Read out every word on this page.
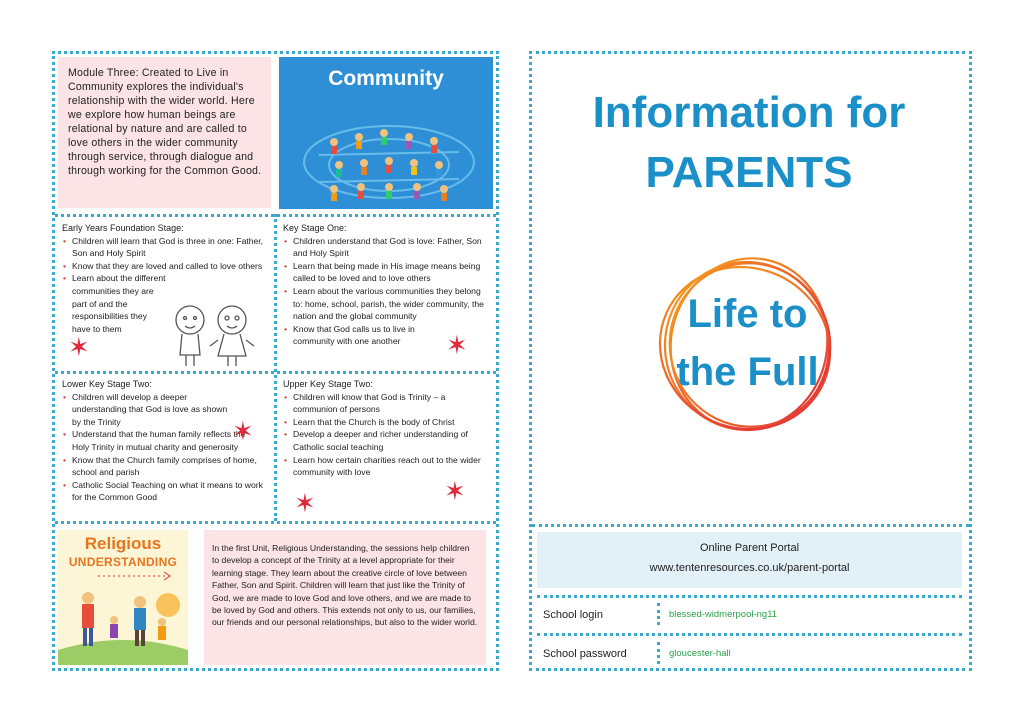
Module Three: Created to Live in Community explores the individual's relationship with the wider world. Here we explore how human beings are relational by nature and are called to love others in the wider community through service, through dialogue and through working for the Common Good.
Community
Early Years Foundation Stage:
• Children will learn that God is three in one: Father, Son and Holy Spirit
• Know that they are loved and called to love others
• Learn about the different communities they are part of and the responsibilities they have to them
✶
Key Stage One:
• Children understand that God is love: Father, Son and Holy Spirit
• Learn that being made in His image means being called to be loved and to love others
• Learn about the various communities they belong to: home, school, parish, the wider community, the nation and the global community
• Know that God calls us to live in community with one another	✶
Lower Key Stage Two:
• Children will develop a deeper understanding that God is love as shown by the Trinity
• Understand that the human family reflects the Holy Trinity in mutual charity and generosity
• Know that the Church family comprises of home, school and parish
• Catholic Social Teaching on what it means to work for the Common Good
✶
Upper Key Stage Two:
• Children will know that God is Trinity – a communion of persons
• Learn that the Church is the body of Christ
• Develop a deeper and richer understanding of Catholic social teaching
• Learn how certain charities reach out to the wider community with love
✶
✶
Religious
UNDERSTANDING
In the first Unit, Religious Understanding, the sessions help children to develop a concept of the Trinity at a level appropriate for their learning stage. They learn about the creative circle of love between Father, Son and Spirit. Children will learn that just like the Trinity of God, we are made to love God and love others, and we are made to be loved by God and others. This extends not only to us, our families, our friends and our personal relationships, but also to the wider world.
Information for
PARENTS
Life to
the Full
Online Parent Portal
www.tentenresources.co.uk/parent-portal
School login	blessed-widmerpool-ng11
School password	gloucester-hall
